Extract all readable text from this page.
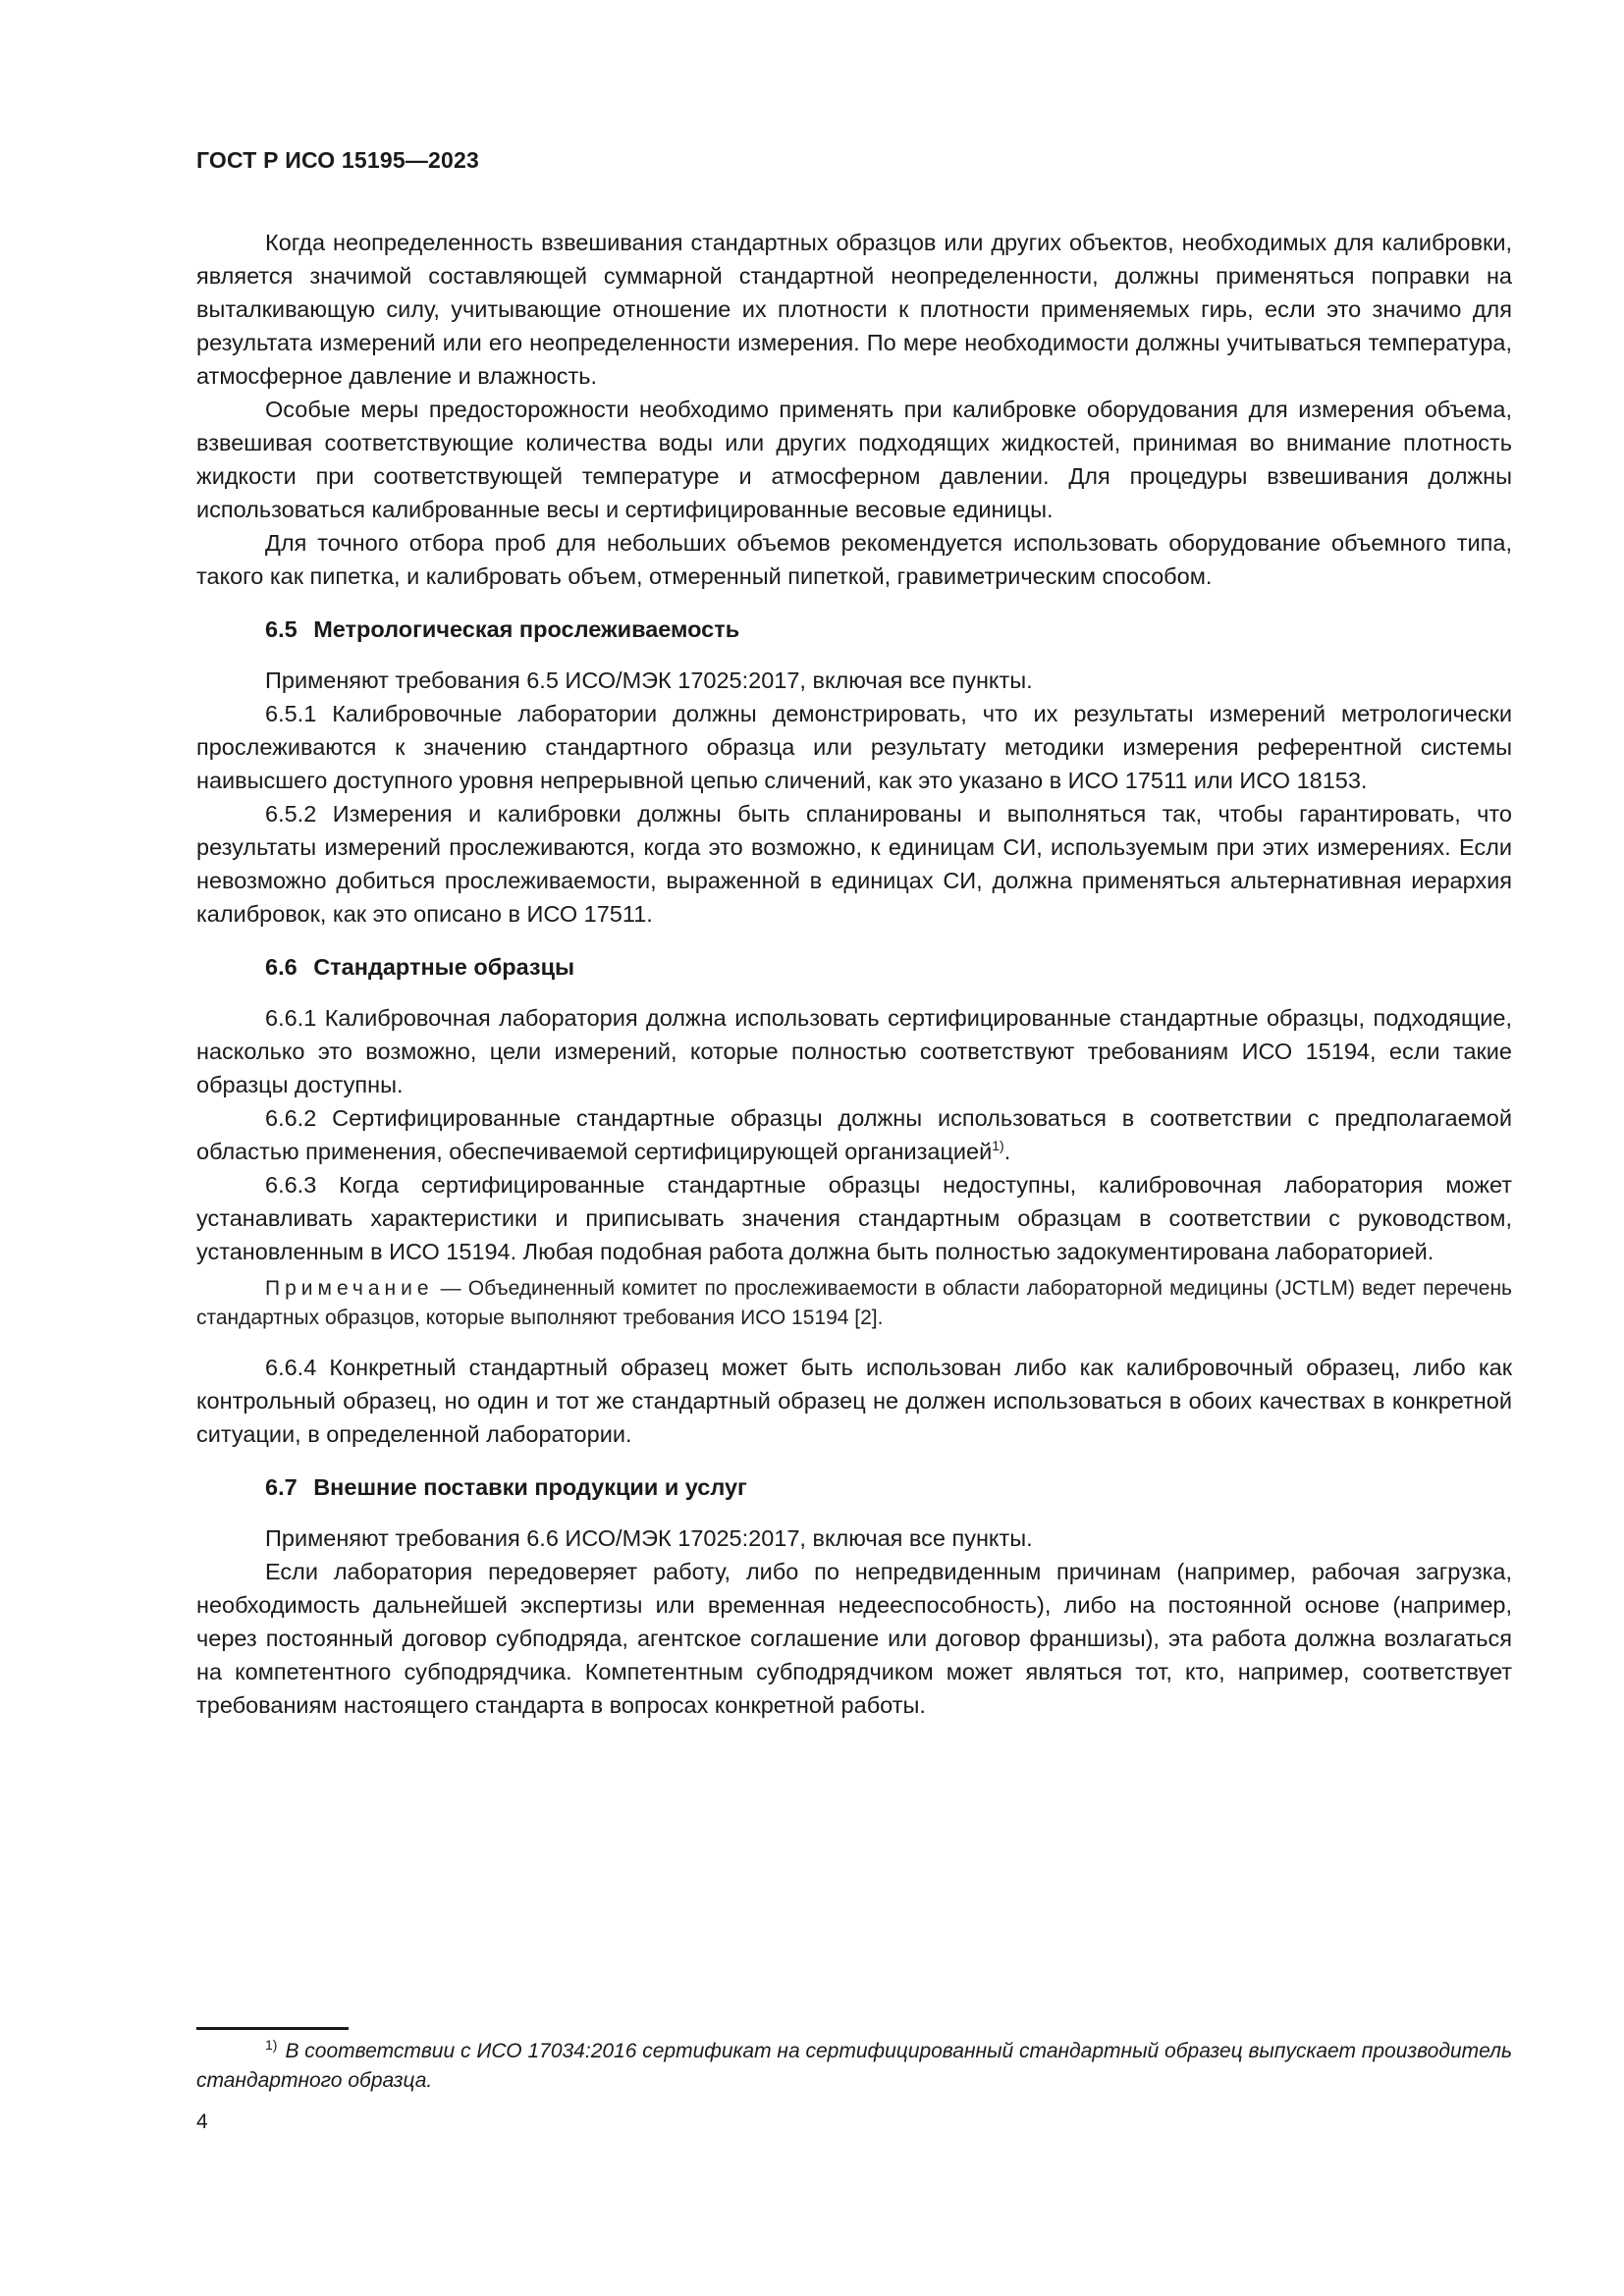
ГОСТ Р ИСО 15195—2023

Когда неопределенность взвешивания стандартных образцов или других объектов, необходимых для калибровки, является значимой составляющей суммарной стандартной неопределенности, должны применяться поправки на выталкивающую силу, учитывающие отношение их плотности к плотности применяемых гирь, если это значимо для результата измерений или его неопределенности измерения. По мере необходимости должны учитываться температура, атмосферное давление и влажность.

Особые меры предосторожности необходимо применять при калибровке оборудования для измерения объема, взвешивая соответствующие количества воды или других подходящих жидкостей, принимая во внимание плотность жидкости при соответствующей температуре и атмосферном давлении. Для процедуры взвешивания должны использоваться калиброванные весы и сертифицированные весовые единицы.

Для точного отбора проб для небольших объемов рекомендуется использовать оборудование объемного типа, такого как пипетка, и калибровать объем, отмеренный пипеткой, гравиметрическим способом.

6.5 Метрологическая прослеживаемость

Применяют требования 6.5 ИСО/МЭК 17025:2017, включая все пункты.

6.5.1 Калибровочные лаборатории должны демонстрировать, что их результаты измерений метрологически прослеживаются к значению стандартного образца или результату методики измерения референтной системы наивысшего доступного уровня непрерывной цепью сличений, как это указано в ИСО 17511 или ИСО 18153.

6.5.2 Измерения и калибровки должны быть спланированы и выполняться так, чтобы гарантировать, что результаты измерений прослеживаются, когда это возможно, к единицам СИ, используемым при этих измерениях. Если невозможно добиться прослеживаемости, выраженной в единицах СИ, должна применяться альтернативная иерархия калибровок, как это описано в ИСО 17511.

6.6 Стандартные образцы

6.6.1 Калибровочная лаборатория должна использовать сертифицированные стандартные образцы, подходящие, насколько это возможно, цели измерений, которые полностью соответствуют требованиям ИСО 15194, если такие образцы доступны.

6.6.2 Сертифицированные стандартные образцы должны использоваться в соответствии с предполагаемой областью применения, обеспечиваемой сертифицирующей организацией$^{1)}$.

6.6.3 Когда сертифицированные стандартные образцы недоступны, калибровочная лаборатория может устанавливать характеристики и приписывать значения стандартным образцам в соответствии с руководством, установленным в ИСО 15194. Любая подобная работа должна быть полностью задокументирована лабораторией.

Примечание — Объединенный комитет по прослеживаемости в области лабораторной медицины (JCTLM) ведет перечень стандартных образцов, которые выполняют требования ИСО 15194 [2].

6.6.4 Конкретный стандартный образец может быть использован либо как калибровочный образец, либо как контрольный образец, но один и тот же стандартный образец не должен использоваться в обоих качествах в конкретной ситуации, в определенной лаборатории.

6.7 Внешние поставки продукции и услуг

Применяют требования 6.6 ИСО/МЭК 17025:2017, включая все пункты.

Если лаборатория передоверяет работу, либо по непредвиденным причинам (например, рабочая загрузка, необходимость дальнейшей экспертизы или временная недееспособность), либо на постоянной основе (например, через постоянный договор субподряда, агентское соглашение или договор франшизы), эта работа должна возлагаться на компетентного субподрядчика. Компетентным субподрядчиком может являться тот, кто, например, соответствует требованиям настоящего стандарта в вопросах конкретной работы.

$^{1)}$ В соответствии с ИСО 17034:2016 сертификат на сертифицированный стандартный образец выпускает производитель стандартного образца.
4
